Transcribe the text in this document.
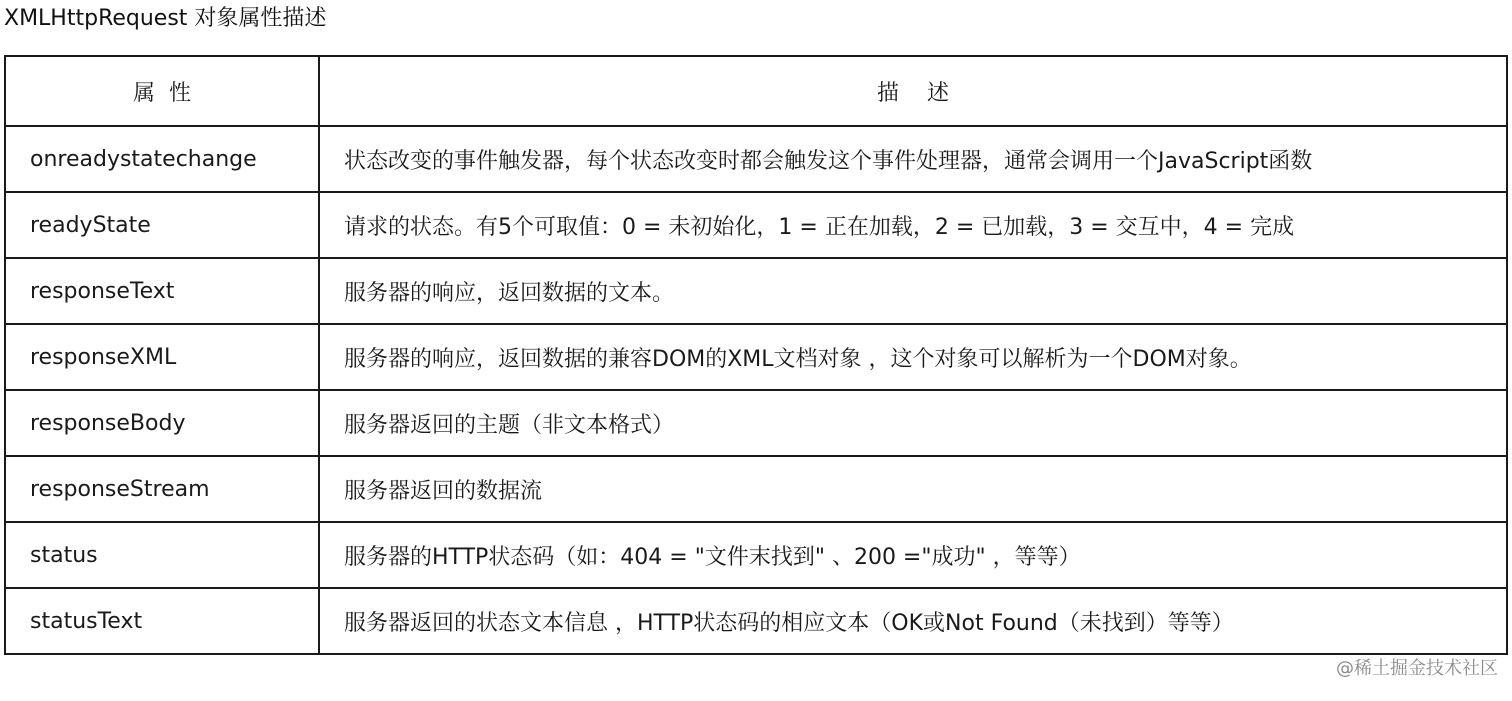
XMLHttpRequest 对象属性描述
属  性	描    述
onreadystatechange	状态改变的事件触发器，每个状态改变时都会触发这个事件处理器，通常会调用一个JavaScript函数
readyState	请求的状态。有5个可取值：0 = 未初始化，1 = 正在加载，2 = 已加载，3 = 交互中，4 = 完成
responseText	服务器的响应，返回数据的文本。
responseXML	服务器的响应，返回数据的兼容DOM的XML文档对象 ，这个对象可以解析为一个DOM对象。
responseBody	服务器返回的主题（非文本格式）
responseStream	服务器返回的数据流
status	服务器的HTTP状态码（如：404 = "文件末找到" 、200 ="成功" ，等等）
statusText	服务器返回的状态文本信息 ，HTTP状态码的相应文本（OK或Not Found（未找到）等等）
@稀土掘金技术社区
